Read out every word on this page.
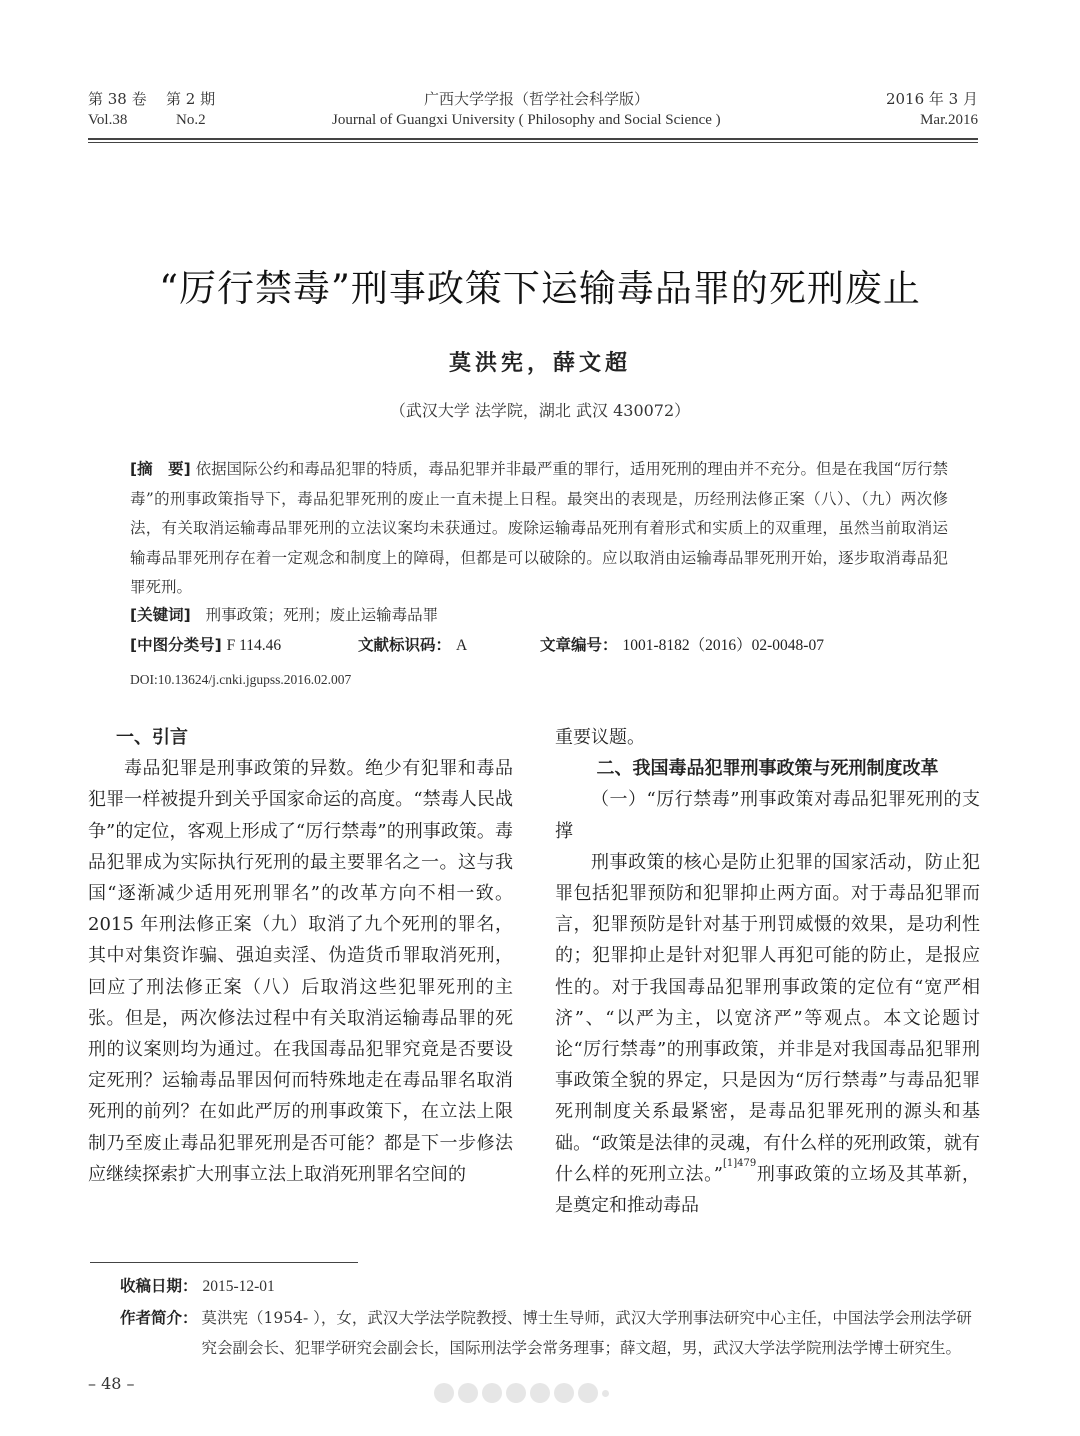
第 38 卷 第 2 期	广西大学学报（哲学社会科学版）	2016 年 3 月
Vol.38	No.2	Journal of Guangxi University ( Philosophy and Social Science )	Mar.2016
“厉行禁毒”刑事政策下运输毒品罪的死刑废止
莫洪宪，薛文超
（武汉大学 法学院，湖北 武汉 430072）
[摘　要] 依据国际公约和毒品犯罪的特质，毒品犯罪并非最严重的罪行，适用死刑的理由并不充分。但是在我国“厉行禁毒”的刑事政策指导下，毒品犯罪死刑的废止一直未提上日程。最突出的表现是，历经刑法修正案（八）、（九）两次修法，有关取消运输毒品罪死刑的立法议案均未获通过。废除运输毒品死刑有着形式和实质上的双重理，虽然当前取消运输毒品罪死刑存在着一定观念和制度上的障碍，但都是可以破除的。应以取消由运输毒品罪死刑开始，逐步取消毒品犯罪死刑。
[关键词] 刑事政策；死刑；废止运输毒品罪
[中图分类号] F 114.46	文献标识码： A	文章编号： 1001-8182（2016）02-0048-07
DOI:10.13624/j.cnki.jgupss.2016.02.007
一、引言

毒品犯罪是刑事政策的异数。绝少有犯罪和毒品犯罪一样被提升到关乎国家命运的高度。“禁毒人民战争”的定位，客观上形成了“厉行禁毒”的刑事政策。毒品犯罪成为实际执行死刑的最主要罪名之一。这与我国“逐渐减少适用死刑罪名”的改革方向不相一致。2015 年刑法修正案（九）取消了九个死刑的罪名，其中对集资诈骗、强迫卖淫、伪造货币罪取消死刑，回应了刑法修正案（八）后取消这些犯罪死刑的主张。但是，两次修法过程中有关取消运输毒品罪的死刑的议案则均为通过。在我国毒品犯罪究竟是否要设定死刑？运输毒品罪因何而特殊地走在毒品罪名取消死刑的前列？在如此严厉的刑事政策下，在立法上限制乃至废止毒品犯罪死刑是否可能？都是下一步修法应继续探索扩大刑事立法上取消死刑罪名空间的

重要议题。

二、我国毒品犯罪刑事政策与死刑制度改革
（一）“厉行禁毒”刑事政策对毒品犯罪死刑的支撑

刑事政策的核心是防止犯罪的国家活动，防止犯罪包括犯罪预防和犯罪抑止两方面。对于毒品犯罪而言，犯罪预防是针对基于刑罚威慑的效果，是功利性的；犯罪抑止是针对犯罪人再犯可能的防止，是报应性的。对于我国毒品犯罪刑事政策的定位有“宽严相济”、“以严为主，以宽济严”等观点。本文论题讨论“厉行禁毒”的刑事政策，并非是对我国毒品犯罪刑事政策全貌的界定，只是因为“厉行禁毒”与毒品犯罪死刑制度关系最紧密，是毒品犯罪死刑的源头和基础。“政策是法律的灵魂，有什么样的死刑政策，就有什么样的死刑立法。”$^{[1]479}$刑事政策的立场及其革新，是奠定和推动毒品

收稿日期： 2015-12-01
作者简介： 莫洪宪（1954- ），女，武汉大学法学院教授、博士生导师，武汉大学刑事法研究中心主任，中国法学会刑法学研究会副会长、犯罪学研究会副会长，国际刑法学会常务理事；薛文超，男，武汉大学法学院刑法学博士研究生。
– 48 –
